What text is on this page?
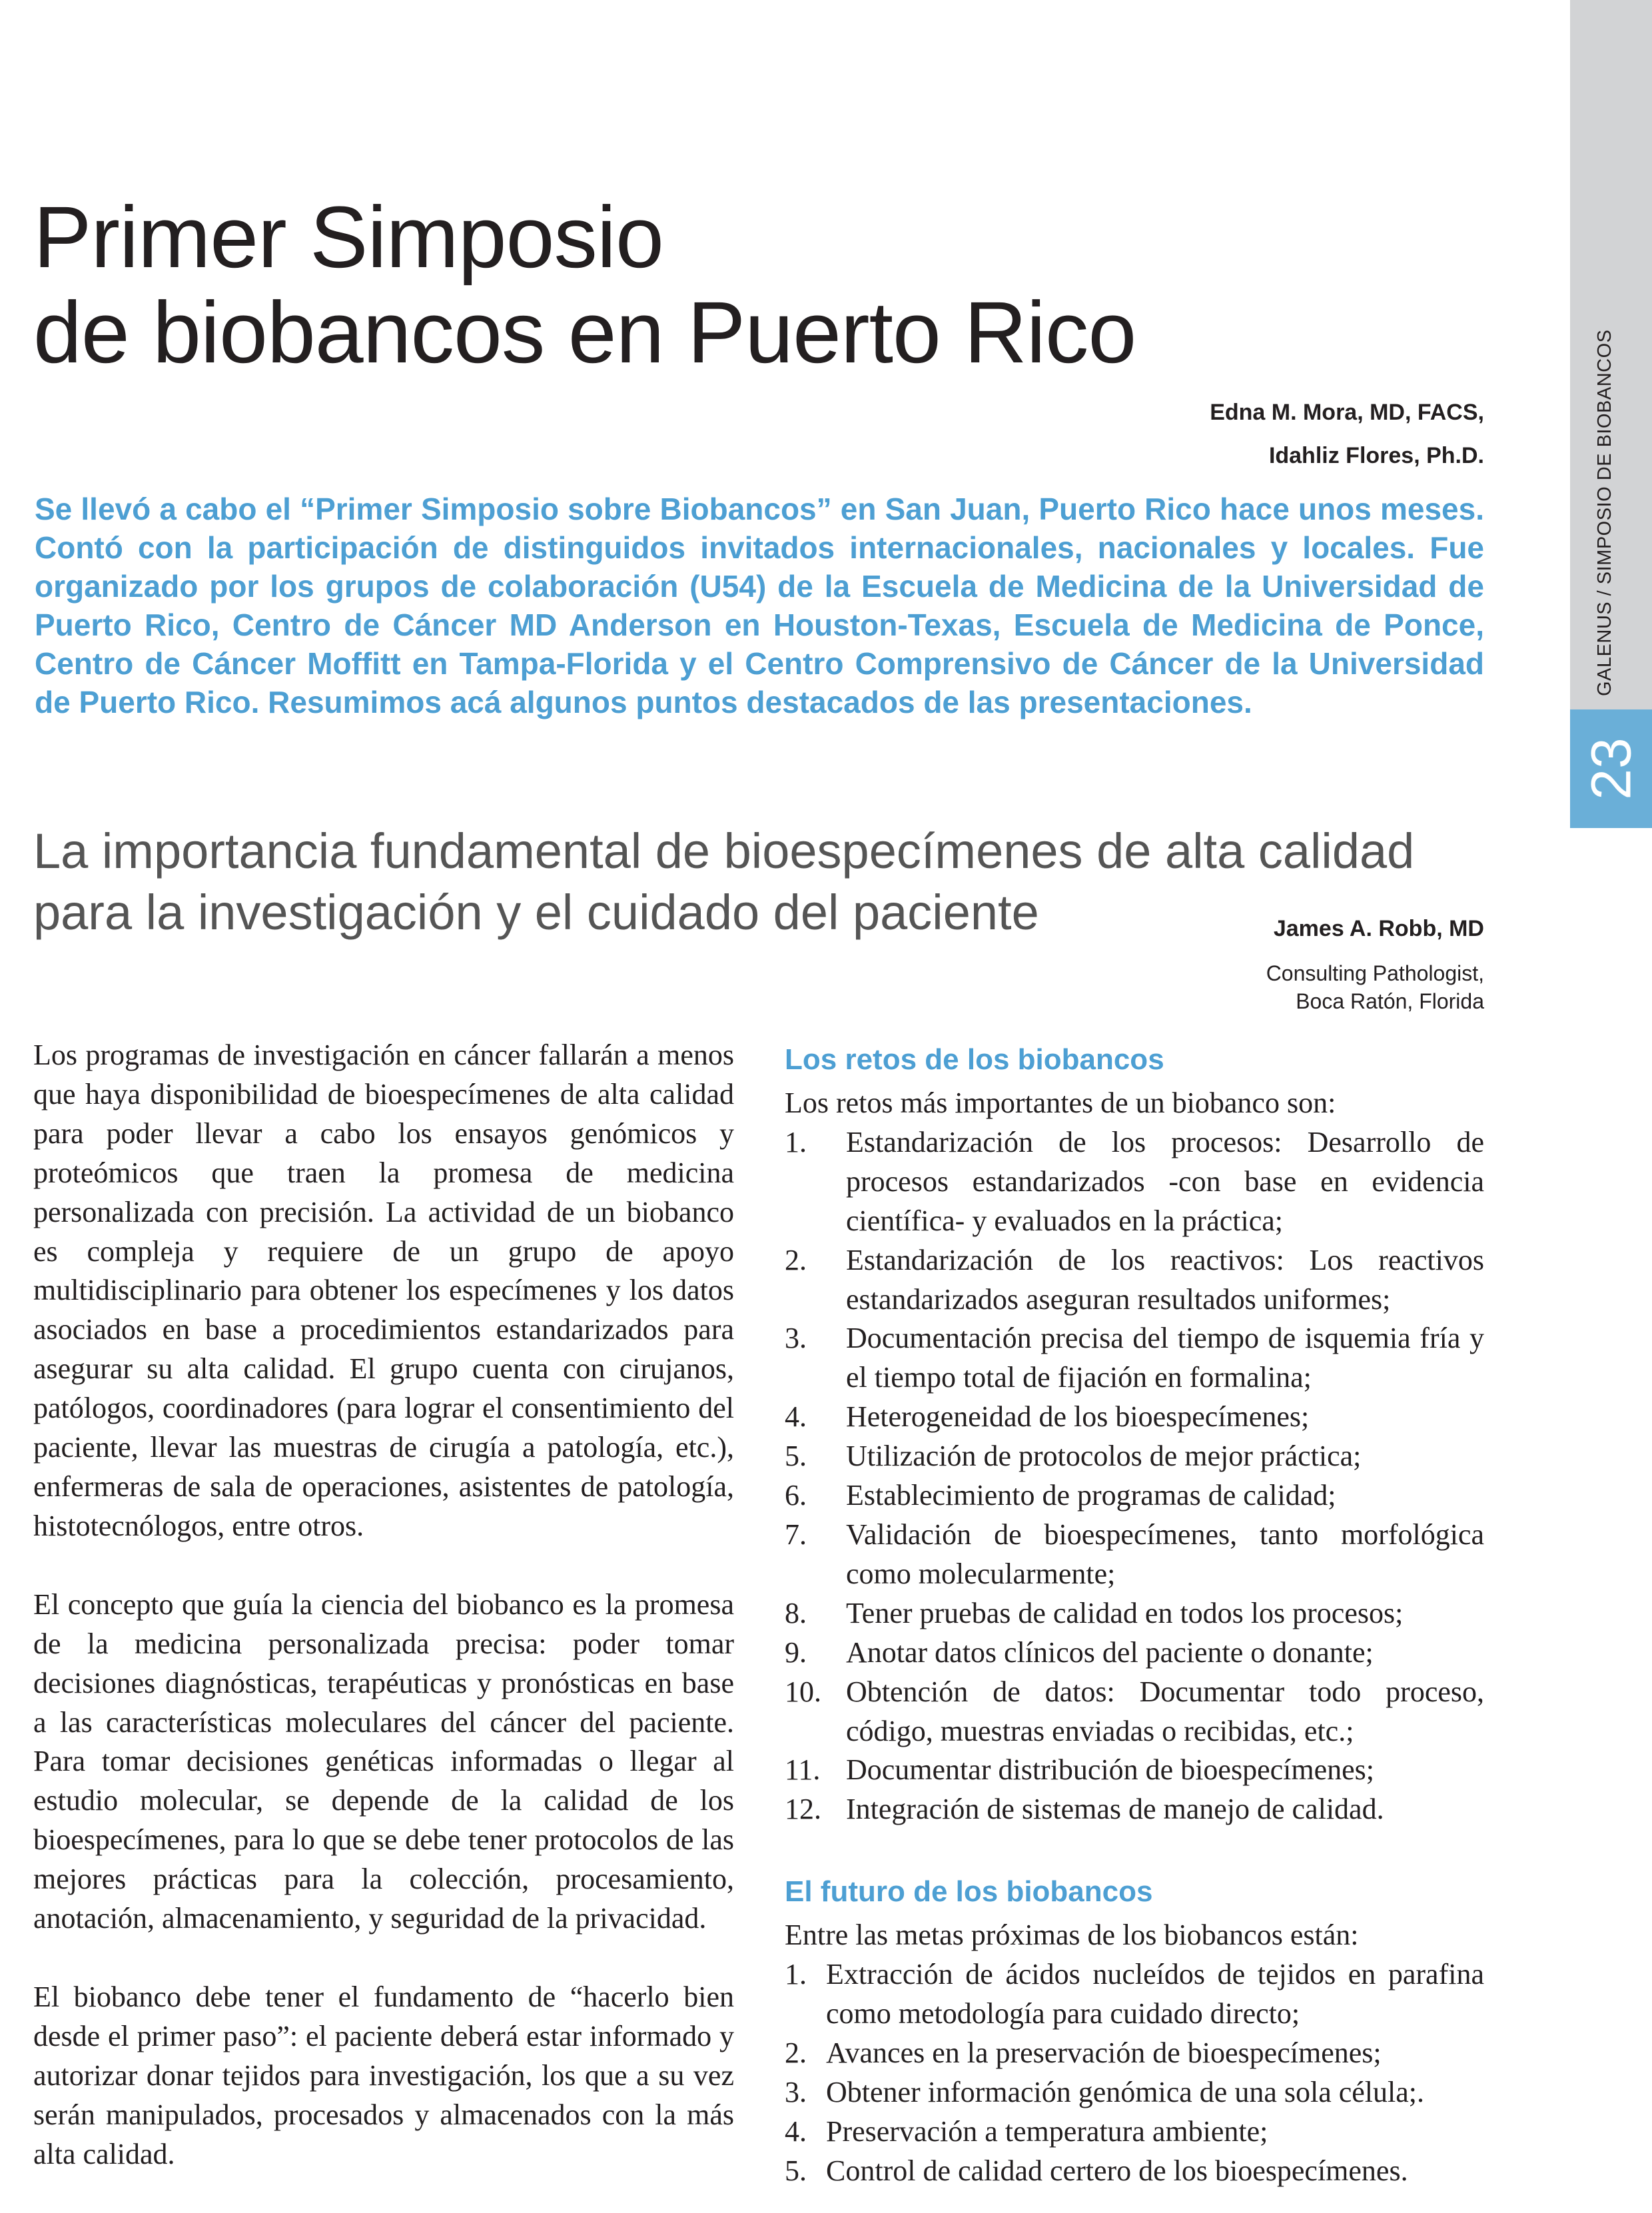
GALENUS / SIMPOSIO DE BIOBANCOS
23
Primer Simposio
de biobancos en Puerto Rico
Edna M. Mora, MD, FACS,
Idahliz Flores, Ph.D.

Se llevó a cabo el “Primer Simposio sobre Biobancos” en San Juan, Puerto Rico hace unos meses. Contó con la participación de distinguidos invitados internacionales, nacionales y locales. Fue organizado por los grupos de colaboración (U54) de la Escuela de Medicina de la Universidad de Puerto Rico, Centro de Cáncer MD Anderson en Houston-Texas, Escuela de Medicina de Ponce, Centro de Cáncer Moffitt en Tampa-Florida y el Centro Comprensivo de Cáncer de la Universidad de Puerto Rico. Resumimos acá algunos puntos destacados de las presentaciones.

La importancia fundamental de bioespecímenes de alta calidad
para la investigación y el cuidado del paciente	James A. Robb, MD
Consulting Pathologist,
Boca Ratón, Florida

Los programas de investigación en cáncer fallarán a menos que haya disponibilidad de bioespecímenes de alta calidad para poder llevar a cabo los ensayos genómicos y proteómicos que traen la promesa de medicina personalizada con precisión. La actividad de un biobanco es compleja y requiere de un grupo de apoyo multidisciplinario para obtener los especímenes y los datos asociados en base a procedimientos estandarizados para asegurar su alta calidad. El grupo cuenta con cirujanos, patólogos, coordinadores (para lograr el consentimiento del paciente, llevar las muestras de cirugía a patología, etc.), enfermeras de sala de operaciones, asistentes de patología, histotecnólogos, entre otros.

El concepto que guía la ciencia del biobanco es la promesa de la medicina personalizada precisa: poder tomar decisiones diagnósticas, terapéuticas y pronósticas en base a las características moleculares del cáncer del paciente. Para tomar decisiones genéticas informadas o llegar al estudio molecular, se depende de la calidad de los bioespecímenes, para lo que se debe tener protocolos de las mejores prácticas para la colección, procesamiento, anotación, almacenamiento, y seguridad de la privacidad.

El biobanco debe tener el fundamento de “hacerlo bien desde el primer paso”: el paciente deberá estar informado y autorizar donar tejidos para investigación, los que a su vez serán manipulados, procesados y almacenados con la más alta calidad.

Los retos de los biobancos

Los retos más importantes de un biobanco son:

1. Estandarización de los procesos: Desarrollo de procesos estandarizados -con base en evidencia científica- y evaluados en la práctica;
2. Estandarización de los reactivos: Los reactivos estandarizados aseguran resultados uniformes;
3. Documentación precisa del tiempo de isquemia fría y el tiempo total de fijación en formalina;
4. Heterogeneidad de los bioespecímenes;
5. Utilización de protocolos de mejor práctica;
6. Establecimiento de programas de calidad;
7. Validación de bioespecímenes, tanto morfológica como molecularmente;
8. Tener pruebas de calidad en todos los procesos;
9. Anotar datos clínicos del paciente o donante;
10. Obtención de datos: Documentar todo proceso, código, muestras enviadas o recibidas, etc.;
11. Documentar distribución de bioespecímenes;
12. Integración de sistemas de manejo de calidad.
El futuro de los biobancos

Entre las metas próximas de los biobancos están:

1. Extracción de ácidos nucleídos de tejidos en parafina como metodología para cuidado directo;
2. Avances en la preservación de bioespecímenes;
3. Obtener información genómica de una sola célula;.
4. Preservación a temperatura ambiente;
5. Control de calidad certero de los bioespecímenes.
